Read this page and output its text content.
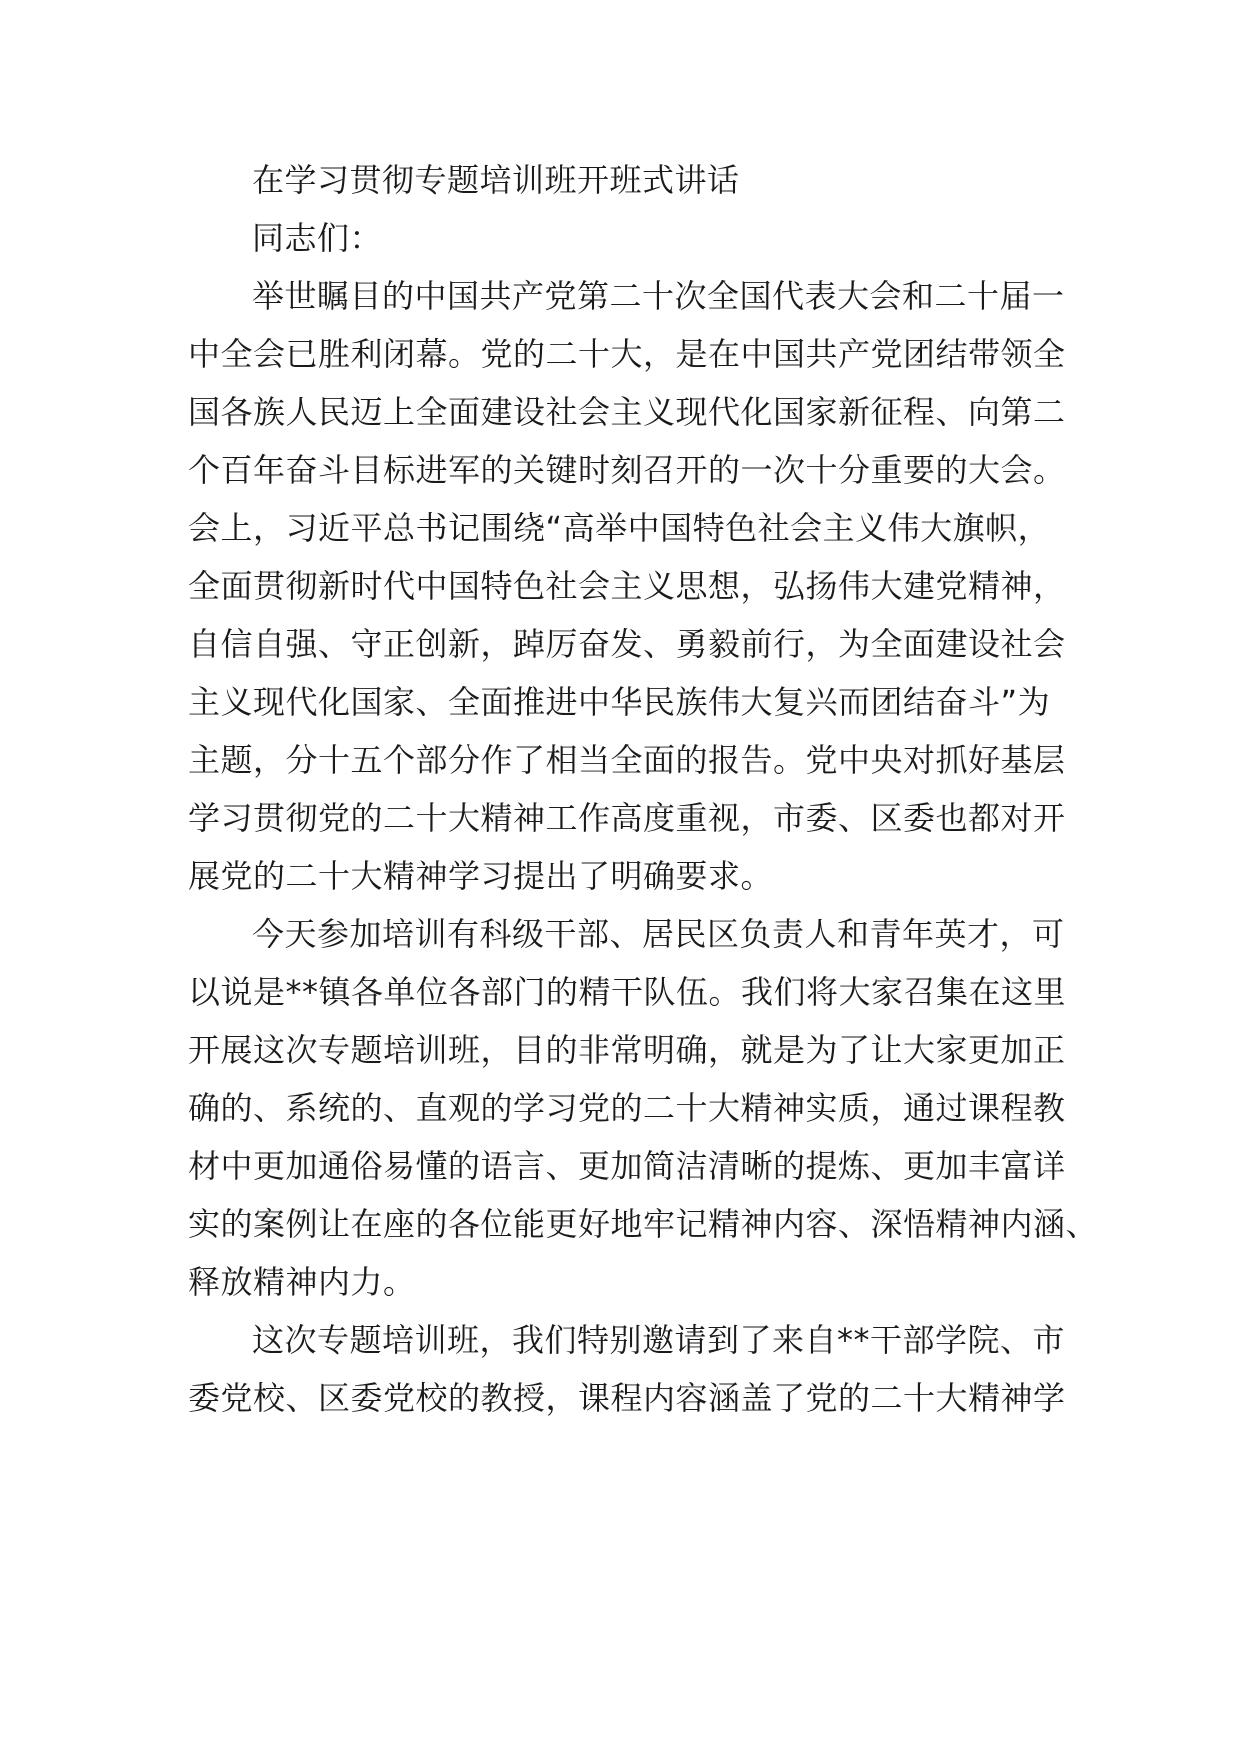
在学习贯彻专题培训班开班式讲话
同志们：
举世瞩目的中国共产党第二十次全国代表大会和二十届一
中全会已胜利闭幕。党的二十大，是在中国共产党团结带领全
国各族人民迈上全面建设社会主义现代化国家新征程、向第二
个百年奋斗目标进军的关键时刻召开的一次十分重要的大会。
会上，习近平总书记围绕“高举中国特色社会主义伟大旗帜，
全面贯彻新时代中国特色社会主义思想，弘扬伟大建党精神，
自信自强、守正创新，踔厉奋发、勇毅前行，为全面建设社会
主义现代化国家、全面推进中华民族伟大复兴而团结奋斗”为
主题，分十五个部分作了相当全面的报告。党中央对抓好基层
学习贯彻党的二十大精神工作高度重视，市委、区委也都对开
展党的二十大精神学习提出了明确要求。
今天参加培训有科级干部、居民区负责人和青年英才，可
以说是**镇各单位各部门的精干队伍。我们将大家召集在这里
开展这次专题培训班，目的非常明确，就是为了让大家更加正
确的、系统的、直观的学习党的二十大精神实质，通过课程教
材中更加通俗易懂的语言、更加简洁清晰的提炼、更加丰富详
实的案例让在座的各位能更好地牢记精神内容、深悟精神内涵、
释放精神内力。
这次专题培训班，我们特别邀请到了来自**干部学院、市
委党校、区委党校的教授，课程内容涵盖了党的二十大精神学
